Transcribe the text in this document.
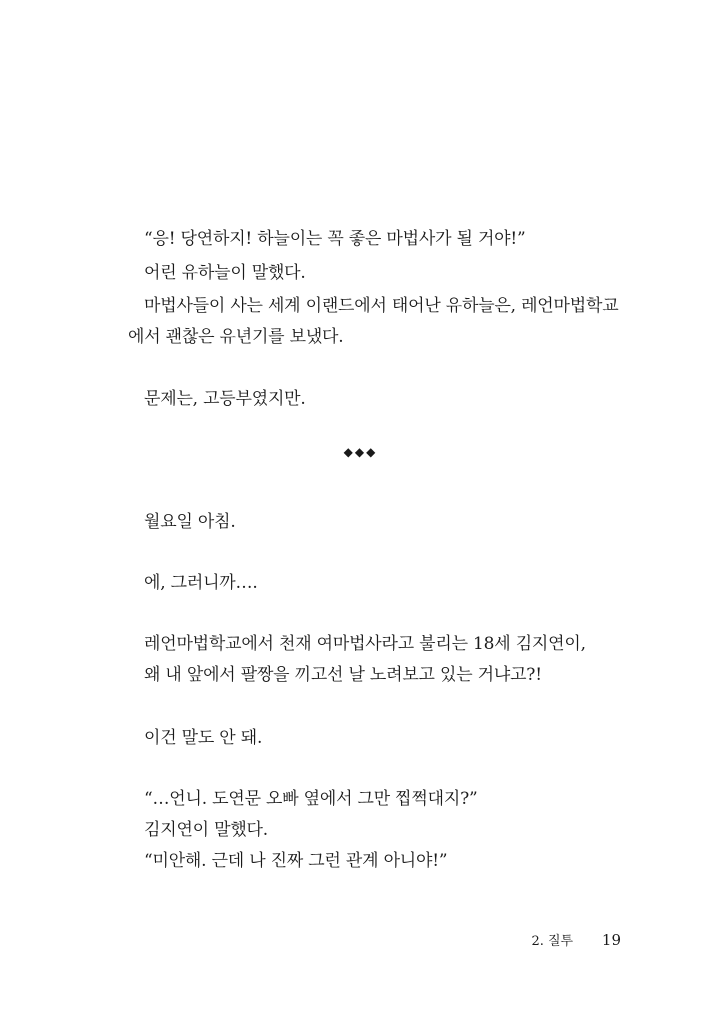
“응! 당연하지! 하늘이는 꼭 좋은 마법사가 될 거야!”
어린 유하늘이 말했다.
마법사들이 사는 세계 이랜드에서 태어난 유하늘은, 레언마법학교
에서 괜찮은 유년기를 보냈다.
문제는, 고등부였지만.
◆◆◆
월요일 아침.
에, 그러니까….
레언마법학교에서 천재 여마법사라고 불리는 18세 김지연이,
왜 내 앞에서 팔짱을 끼고선 날 노려보고 있는 거냐고?!
이건 말도 안 돼.
“…언니. 도연문 오빠 옆에서 그만 찝쩍대지?”
김지연이 말했다.
“미안해. 근데 나 진짜 그런 관계 아니야!”
2. 질투 19
